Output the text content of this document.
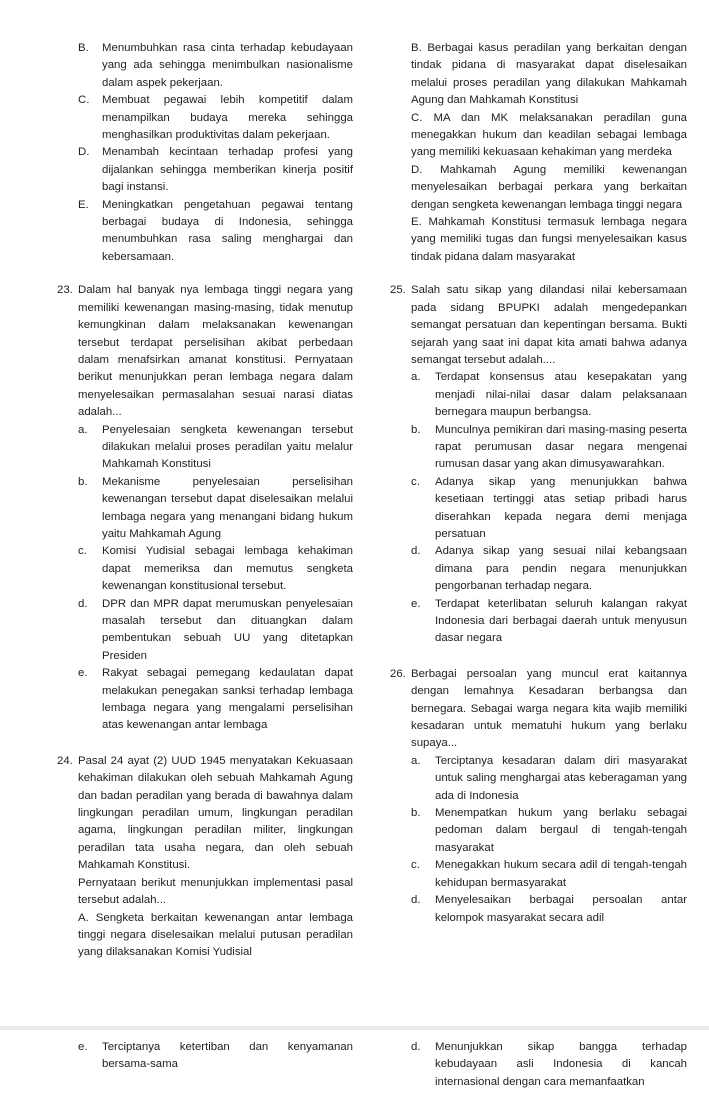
B.	Menumbuhkan rasa cinta terhadap kebudayaan yang ada sehingga menimbulkan nasionalisme dalam aspek pekerjaan.
C.	Membuat pegawai lebih kompetitif dalam menampilkan budaya mereka sehingga menghasilkan produktivitas dalam pekerjaan.
D.	Menambah kecintaan terhadap profesi yang dijalankan sehingga memberikan kinerja positif bagi instansi.
E.	Meningkatkan pengetahuan pegawai tentang berbagai budaya di Indonesia, sehingga menumbuhkan rasa saling menghargai dan kebersamaan.
23. Dalam hal banyak nya lembaga tinggi negara yang memiliki kewenangan masing-masing, tidak menutup kemungkinan dalam melaksanakan kewenangan tersebut terdapat perselisihan akibat perbedaan dalam menafsirkan amanat konstitusi. Pernyataan berikut menunjukkan peran lembaga negara dalam menyelesaikan permasalahan sesuai narasi diatas adalah...
a.	Penyelesaian sengketa kewenangan tersebut dilakukan melalui proses peradilan yaitu melalur Mahkamah Konstitusi
b.	Mekanisme penyelesaian perselisihan kewenangan tersebut dapat diselesaikan melalui lembaga negara yang menangani bidang hukum yaitu Mahkamah Agung
c.	Komisi Yudisial sebagai lembaga kehakiman dapat memeriksa dan memutus sengketa kewenangan konstitusional tersebut.
d.	DPR dan MPR dapat merumuskan penyelesaian masalah tersebut dan dituangkan dalam pembentukan sebuah UU yang ditetapkan Presiden
e.	Rakyat sebagai pemegang kedaulatan dapat melakukan penegakan sanksi terhadap lembaga lembaga negara yang mengalami perselisihan atas kewenangan antar lembaga
24. Pasal 24 ayat (2) UUD 1945 menyatakan Kekuasaan kehakiman dilakukan oleh sebuah Mahkamah Agung dan badan peradilan yang berada di bawahnya dalam lingkungan peradilan umum, lingkungan peradilan agama, lingkungan peradilan militer, lingkungan peradilan tata usaha negara, dan oleh sebuah Mahkamah Konstitusi.
Pernyataan berikut menunjukkan implementasi pasal tersebut adalah...
A. Sengketa berkaitan kewenangan antar lembaga tinggi negara diselesaikan melalui putusan peradilan yang dilaksanakan Komisi Yudisial
B. Berbagai kasus peradilan yang berkaitan dengan tindak pidana di masyarakat dapat diselesaikan melalui proses peradilan yang dilakukan Mahkamah Agung dan Mahkamah Konstitusi
C. MA dan MK melaksanakan peradilan guna menegakkan hukum dan keadilan sebagai lembaga yang memiliki kekuasaan kehakiman yang merdeka
D. Mahkamah Agung memiliki kewenangan menyelesaikan berbagai perkara yang berkaitan dengan sengketa kewenangan lembaga tinggi negara
E. Mahkamah Konstitusi termasuk lembaga negara yang memiliki tugas dan fungsi menyelesaikan kasus tindak pidana dalam masyarakat
25. Salah satu sikap yang dilandasi nilai kebersamaan pada sidang BPUPKI adalah mengedepankan semangat persatuan dan kepentingan bersama. Bukti sejarah yang saat ini dapat kita amati bahwa adanya semangat tersebut adalah....
a.	Terdapat konsensus atau kesepakatan yang menjadi nilai-nilai dasar dalam pelaksanaan bernegara maupun berbangsa.
b.	Munculnya pemikiran dari masing-masing peserta rapat perumusan dasar negara mengenai rumusan dasar yang akan dimusyawarahkan.
c.	Adanya sikap yang menunjukkan bahwa kesetiaan tertinggi atas setiap pribadi harus diserahkan kepada negara demi menjaga persatuan
d.	Adanya sikap yang sesuai nilai kebangsaan dimana para pendin negara menunjukkan pengorbanan terhadap negara.
e.	Terdapat keterlibatan seluruh kalangan rakyat Indonesia dari berbagai daerah untuk menyusun dasar negara
26. Berbagai persoalan yang muncul erat kaitannya dengan lemahnya Kesadaran berbangsa dan bernegara. Sebagai warga negara kita wajib memiliki kesadaran untuk mematuhi hukum yang berlaku supaya...
a.	Terciptanya kesadaran dalam diri masyarakat untuk saling menghargai atas keberagaman yang ada di Indonesia
b.	Menempatkan hukum yang berlaku sebagai pedoman dalam bergaul di tengah-tengah masyarakat
c.	Menegakkan hukum secara adil di tengah-tengah kehidupan bermasyarakat
d.	Menyelesaikan berbagai persoalan antar kelompok masyarakat secara adil
e.	Terciptanya ketertiban dan kenyamanan bersama-sama
d.	Menunjukkan sikap bangga terhadap kebudayaan asli Indonesia di kancah internasional dengan cara memanfaatkan
